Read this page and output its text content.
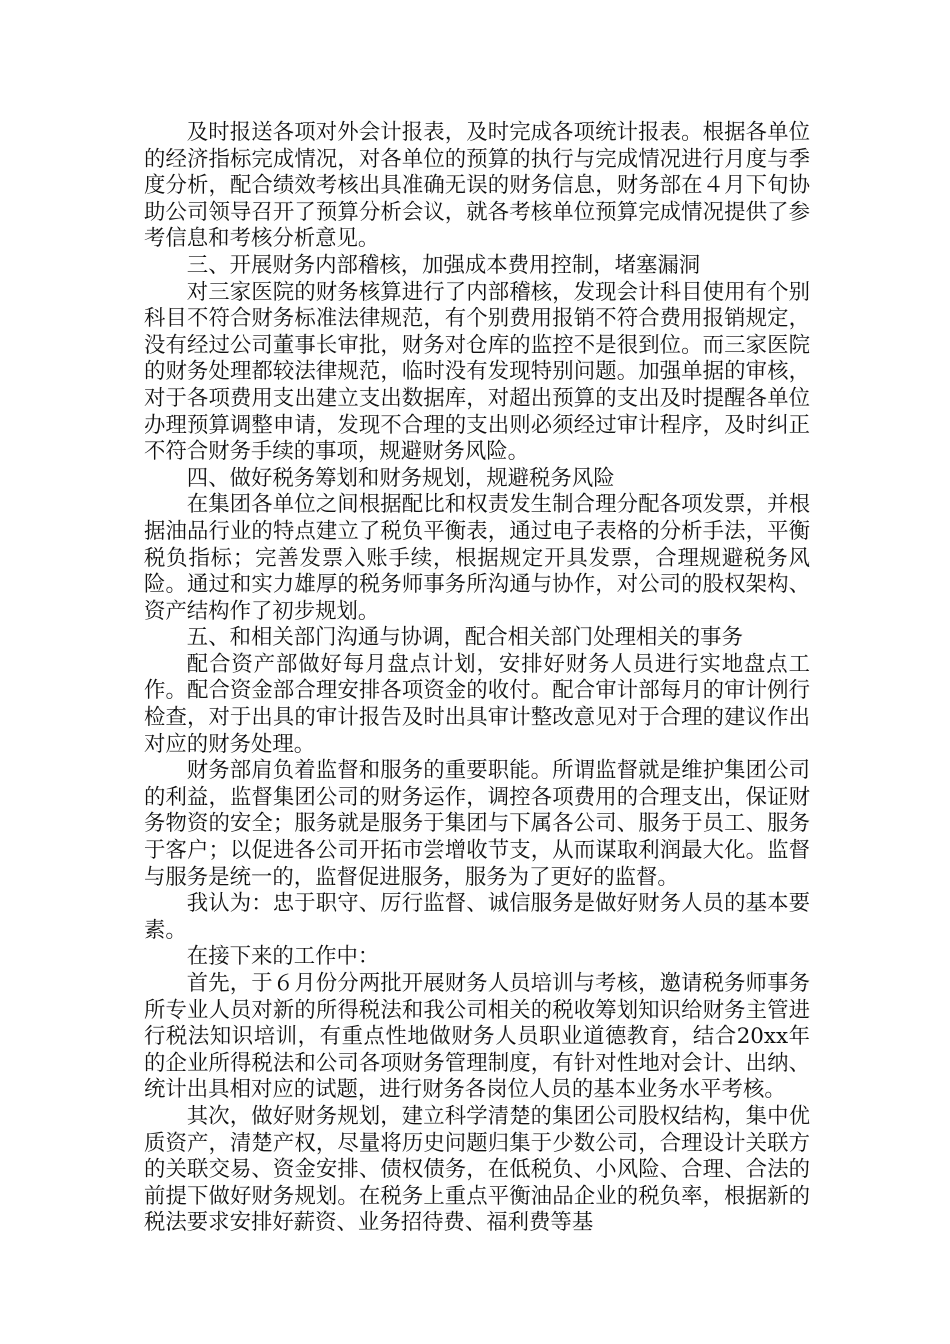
及时报送各项对外会计报表，及时完成各项统计报表。根据各单位的经济指标完成情况，对各单位的预算的执行与完成情况进行月度与季度分析，配合绩效考核出具准确无误的财务信息，财务部在４月下旬协助公司领导召开了预算分析会议，就各考核单位预算完成情况提供了参考信息和考核分析意见。

三、开展财务内部稽核，加强成本费用控制，堵塞漏洞

对三家医院的财务核算进行了内部稽核，发现会计科目使用有个别科目不符合财务标准法律规范，有个别费用报销不符合费用报销规定，没有经过公司董事长审批，财务对仓库的监控不是很到位。而三家医院的财务处理都较法律规范，临时没有发现特别问题。加强单据的审核，对于各项费用支出建立支出数据库，对超出预算的支出及时提醒各单位办理预算调整申请，发现不合理的支出则必须经过审计程序，及时纠正不符合财务手续的事项，规避财务风险。

四、做好税务筹划和财务规划，规避税务风险

在集团各单位之间根据配比和权责发生制合理分配各项发票，并根据油品行业的特点建立了税负平衡表，通过电子表格的分析手法，平衡税负指标；完善发票入账手续，根据规定开具发票，合理规避税务风险。通过和实力雄厚的税务师事务所沟通与协作，对公司的股权架构、资产结构作了初步规划。

五、和相关部门沟通与协调，配合相关部门处理相关的事务

配合资产部做好每月盘点计划，安排好财务人员进行实地盘点工作。配合资金部合理安排各项资金的收付。配合审计部每月的审计例行检查，对于出具的审计报告及时出具审计整改意见对于合理的建议作出对应的财务处理。

财务部肩负着监督和服务的重要职能。所谓监督就是维护集团公司的利益，监督集团公司的财务运作，调控各项费用的合理支出，保证财务物资的安全；服务就是服务于集团与下属各公司、服务于员工、服务于客户；以促进各公司开拓市尝增收节支，从而谋取利润最大化。监督与服务是统一的，监督促进服务，服务为了更好的监督。

我认为：忠于职守、厉行监督、诚信服务是做好财务人员的基本要素。

在接下来的工作中：

首先，于６月份分两批开展财务人员培训与考核，邀请税务师事务所专业人员对新的所得税法和我公司相关的税收筹划知识给财务主管进行税法知识培训，有重点性地做财务人员职业道德教育，结合20xx年的企业所得税法和公司各项财务管理制度，有针对性地对会计、出纳、统计出具相对应的试题，进行财务各岗位人员的基本业务水平考核。

其次，做好财务规划，建立科学清楚的集团公司股权结构，集中优质资产，清楚产权，尽量将历史问题归集于少数公司，合理设计关联方的关联交易、资金安排、债权债务，在低税负、小风险、合理、合法的前提下做好财务规划。在税务上重点平衡油品企业的税负率，根据新的税法要求安排好薪资、业务招待费、福利费等基
